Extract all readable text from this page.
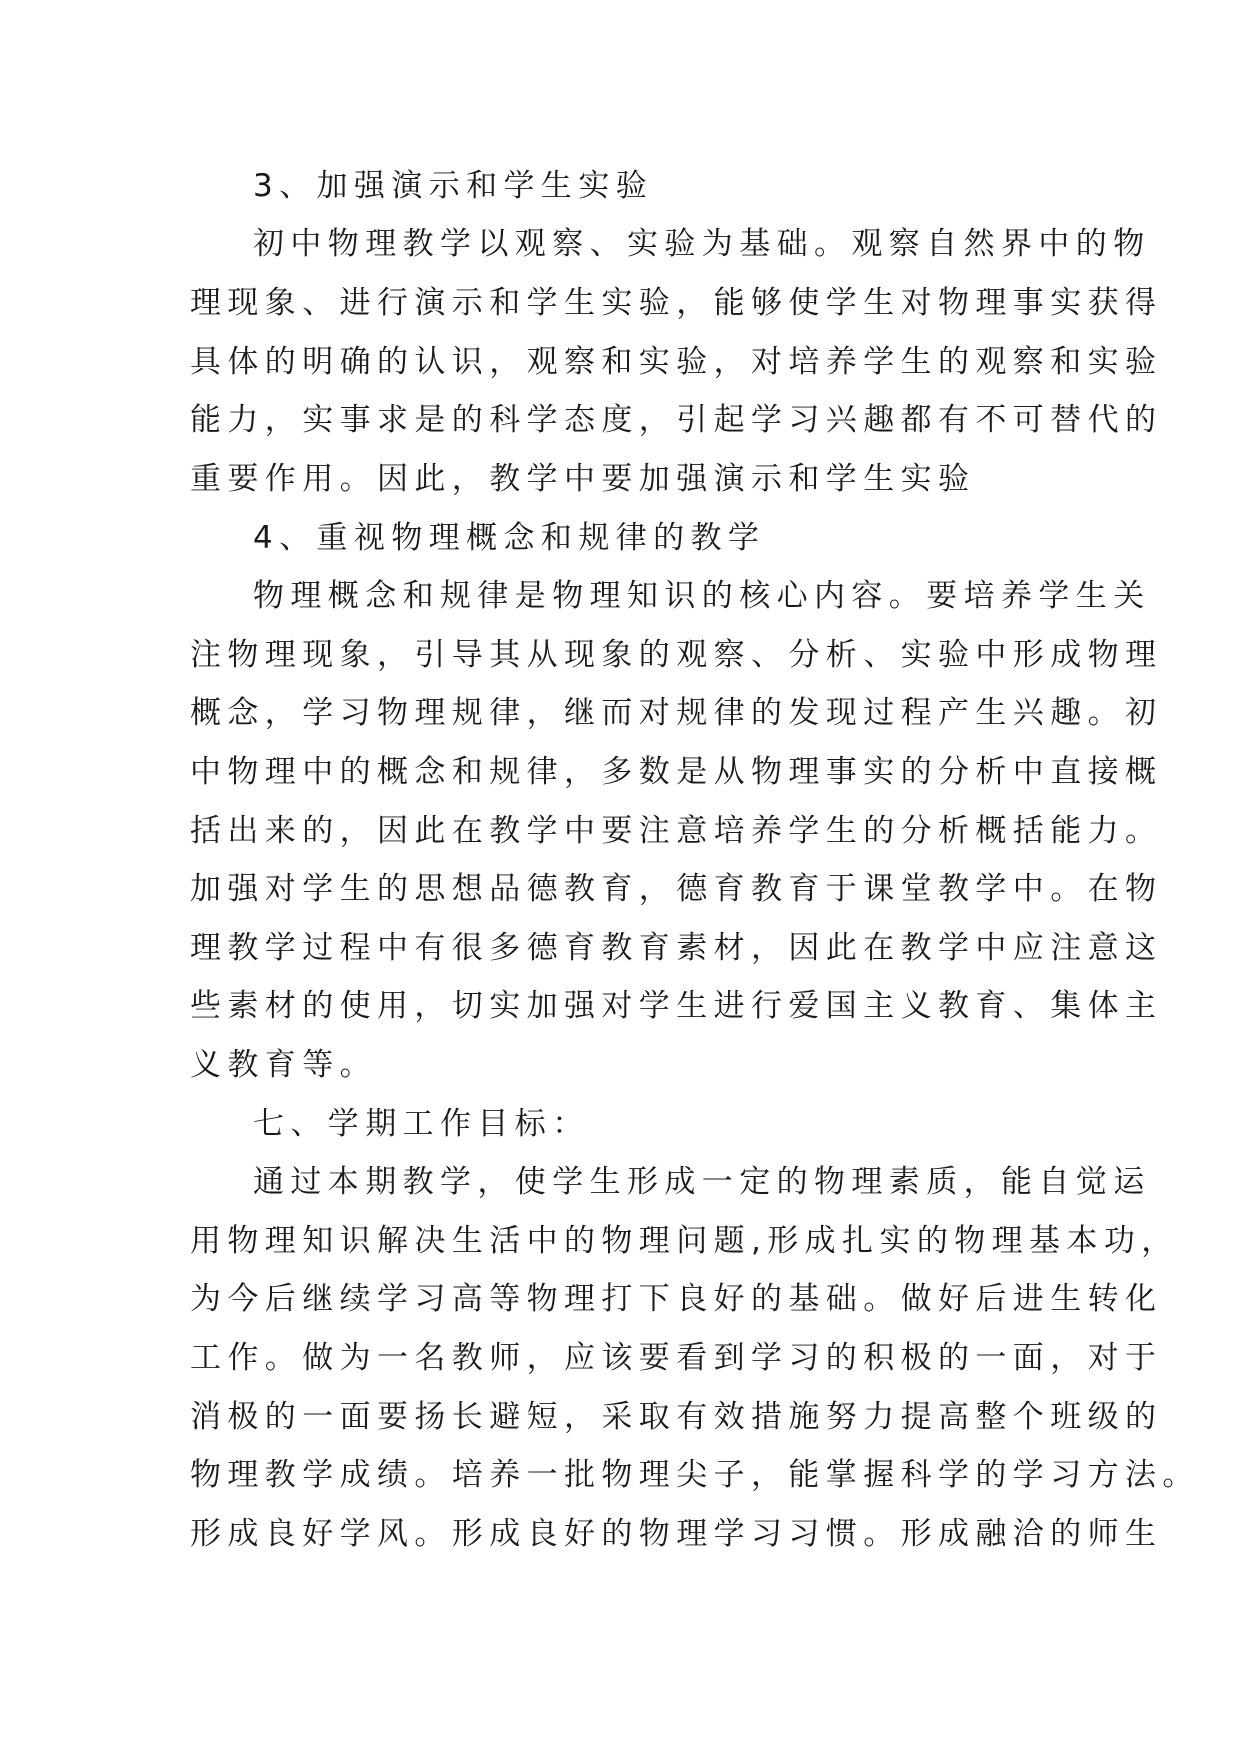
3、加强演示和学生实验
初中物理教学以观察、实验为基础。观察自然界中的物
理现象、进行演示和学生实验，能够使学生对物理事实获得
具体的明确的认识，观察和实验，对培养学生的观察和实验
能力，实事求是的科学态度，引起学习兴趣都有不可替代的
重要作用。因此，教学中要加强演示和学生实验
4、重视物理概念和规律的教学
物理概念和规律是物理知识的核心内容。要培养学生关
注物理现象，引导其从现象的观察、分析、实验中形成物理
概念，学习物理规律，继而对规律的发现过程产生兴趣。初
中物理中的概念和规律，多数是从物理事实的分析中直接概
括出来的，因此在教学中要注意培养学生的分析概括能力。
加强对学生的思想品德教育，德育教育于课堂教学中。在物
理教学过程中有很多德育教育素材，因此在教学中应注意这
些素材的使用，切实加强对学生进行爱国主义教育、集体主
义教育等。
七、学期工作目标：
通过本期教学，使学生形成一定的物理素质，能自觉运
用物理知识解决生活中的物理问题,形成扎实的物理基本功，
为今后继续学习高等物理打下良好的基础。做好后进生转化
工作。做为一名教师，应该要看到学习的积极的一面，对于
消极的一面要扬长避短，采取有效措施努力提高整个班级的
物理教学成绩。培养一批物理尖子，能掌握科学的学习方法。
形成良好学风。形成良好的物理学习习惯。形成融洽的师生
